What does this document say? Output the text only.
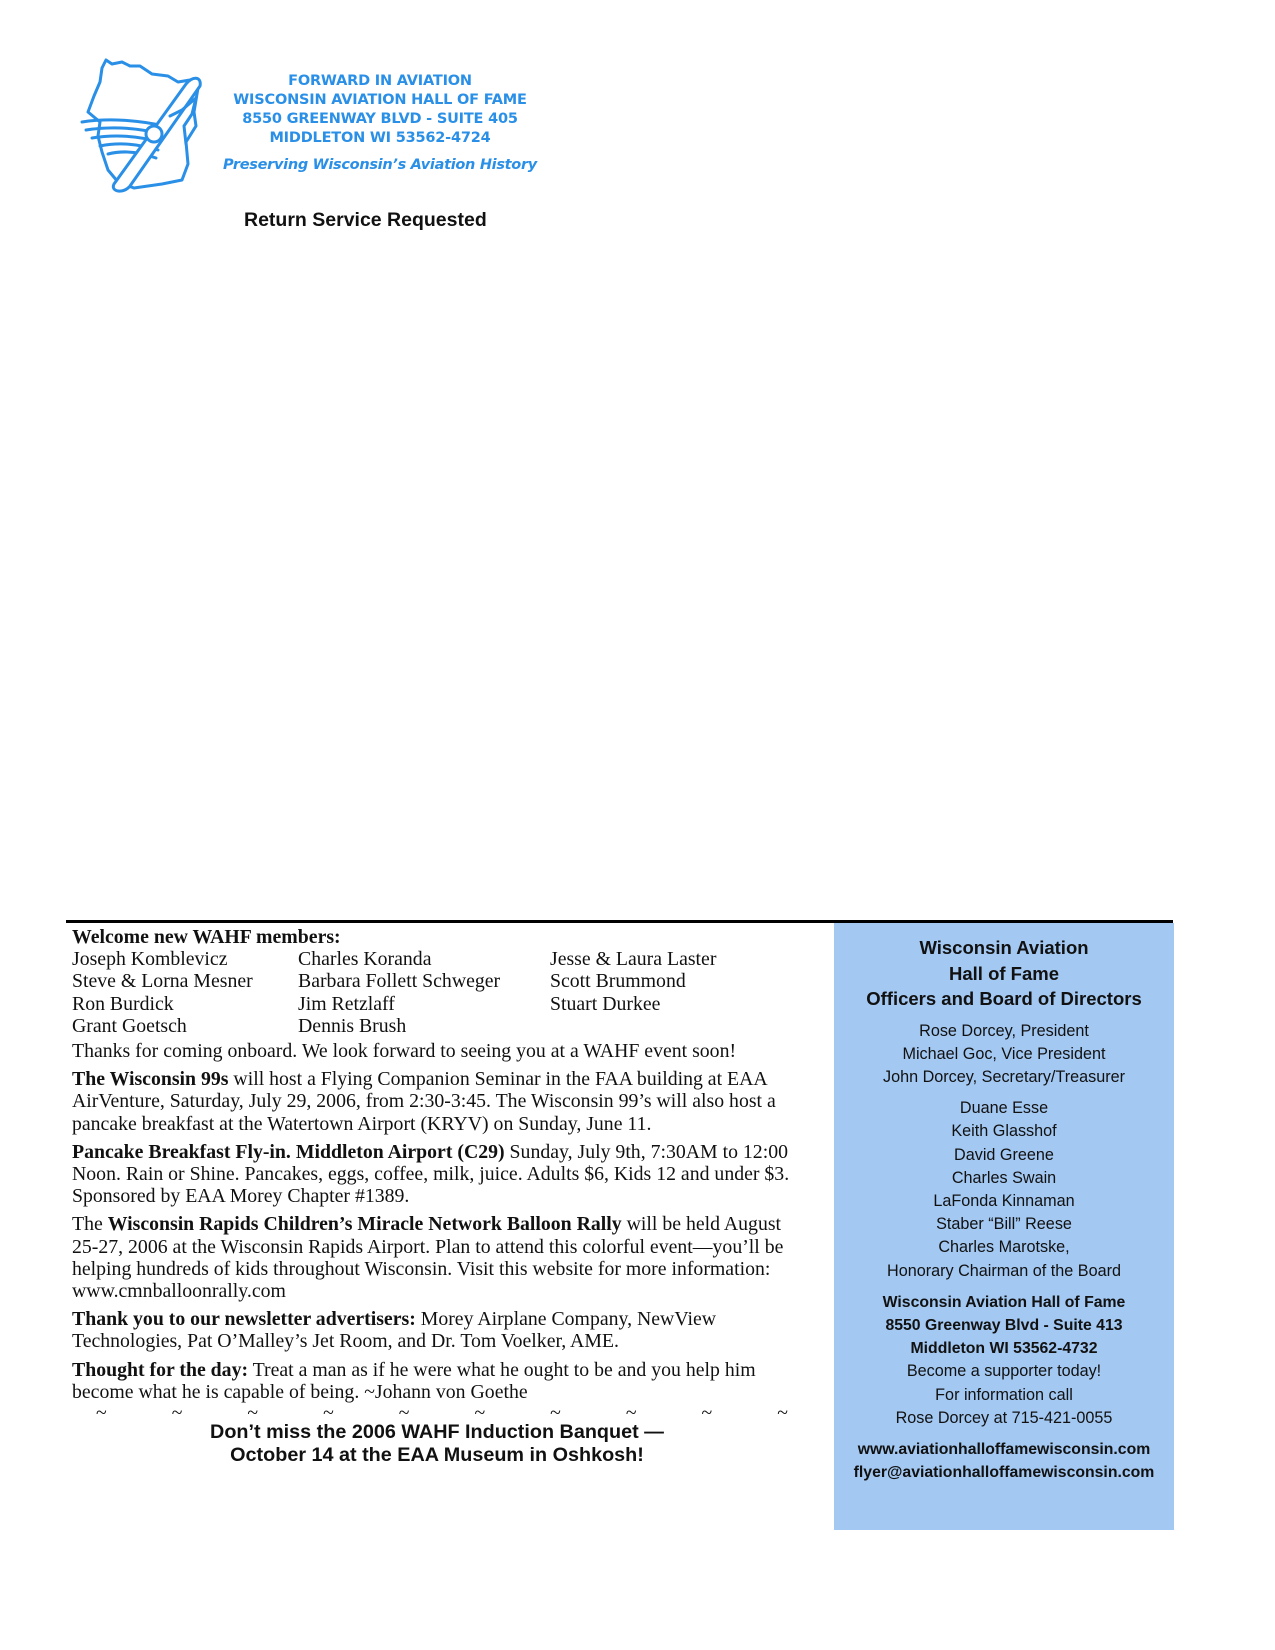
FORWARD IN AVIATION
WISCONSIN AVIATION HALL OF FAME
8550 GREENWAY BLVD - SUITE 405
MIDDLETON WI 53562-4724
Preserving Wisconsin’s Aviation History
Return Service Requested

Welcome new WAHF members:

Joseph Komblevicz	Charles Koranda	Jesse & Laura Laster
Steve & Lorna Mesner	Barbara Follett Schweger	Scott Brummond
Ron Burdick	Jim Retzlaff	Stuart Durkee
Grant Goetsch	Dennis Brush

Thanks for coming onboard. We look forward to seeing you at a WAHF event soon!

The Wisconsin 99s will host a Flying Companion Seminar in the FAA building at EAA AirVenture, Saturday, July 29, 2006, from 2:30-3:45. The Wisconsin 99’s will also host a pancake breakfast at the Watertown Airport (KRYV) on Sunday, June 11.

Pancake Breakfast Fly-in. Middleton Airport (C29) Sunday, July 9th, 7:30AM to 12:00 Noon. Rain or Shine. Pancakes, eggs, coffee, milk, juice. Adults $6, Kids 12 and under $3. Sponsored by EAA Morey Chapter #1389.

The Wisconsin Rapids Children’s Miracle Network Balloon Rally will be held August 25-27, 2006 at the Wisconsin Rapids Airport. Plan to attend this colorful event—you’ll be helping hundreds of kids throughout Wisconsin. Visit this website for more information: www.cmnballoonrally.com

Thank you to our newsletter advertisers: Morey Airplane Company, NewView Technologies, Pat O’Malley’s Jet Room, and Dr. Tom Voelker, AME.

Thought for the day: Treat a man as if he were what he ought to be and you help him become what he is capable of being. ~Johann von Goethe

~	~	~	~	~	~	~	~	~	~
Don’t miss the 2006 WAHF Induction Banquet —
October 14 at the EAA Museum in Oshkosh!
Wisconsin Aviation
Hall of Fame
Officers and Board of Directors
Rose Dorcey, President
Michael Goc, Vice President
John Dorcey, Secretary/Treasurer
Duane Esse
Keith Glasshof
David Greene
Charles Swain
LaFonda Kinnaman
Staber “Bill” Reese
Charles Marotske,
Honorary Chairman of the Board
Wisconsin Aviation Hall of Fame
8550 Greenway Blvd - Suite 413
Middleton WI 53562-4732
Become a supporter today!
For information call
Rose Dorcey at 715-421-0055
www.aviationhalloffamewisconsin.com
flyer@aviationhalloffamewisconsin.com
